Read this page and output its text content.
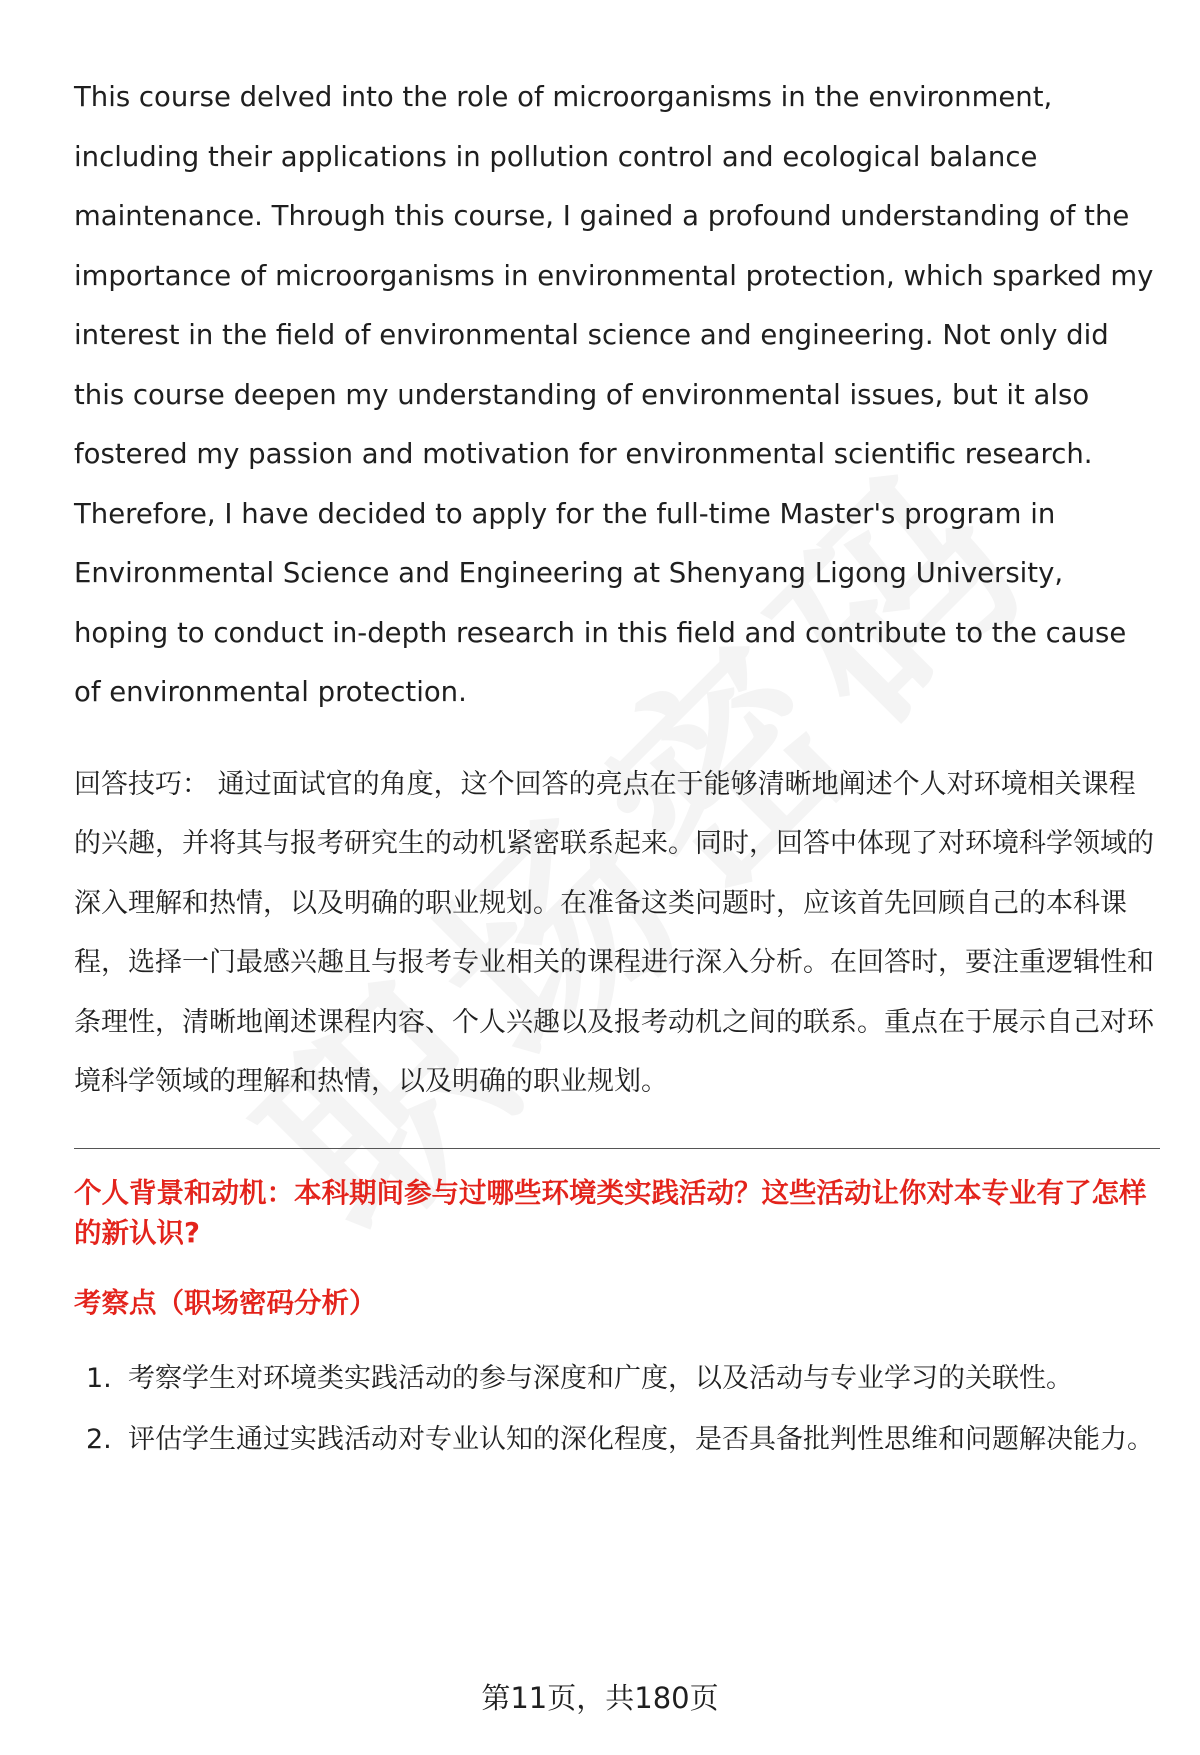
This course delved into the role of microorganisms in the environment, including their applications in pollution control and ecological balance maintenance. Through this course, I gained a profound understanding of the importance of microorganisms in environmental protection, which sparked my interest in the field of environmental science and engineering. Not only did this course deepen my understanding of environmental issues, but it also fostered my passion and motivation for environmental scientific research. Therefore, I have decided to apply for the full-time Master's program in Environmental Science and Engineering at Shenyang Ligong University, hoping to conduct in-depth research in this field and contribute to the cause of environmental protection.

回答技巧： 通过面试官的角度，这个回答的亮点在于能够清晰地阐述个人对环境相关课程的兴趣，并将其与报考研究生的动机紧密联系起来。同时，回答中体现了对环境科学领域的深入理解和热情，以及明确的职业规划。在准备这类问题时，应该首先回顾自己的本科课程，选择一门最感兴趣且与报考专业相关的课程进行深入分析。在回答时，要注重逻辑性和条理性，清晰地阐述课程内容、个人兴趣以及报考动机之间的联系。重点在于展示自己对环境科学领域的理解和热情，以及明确的职业规划。

个人背景和动机：本科期间参与过哪些环境类实践活动？这些活动让你对本专业有了怎样的新认识?
考察点（职场密码分析）
1. 考察学生对环境类实践活动的参与深度和广度，以及活动与专业学习的关联性。
2. 评估学生通过实践活动对专业认知的深化程度，是否具备批判性思维和问题解决能力。
第11页，共180页
